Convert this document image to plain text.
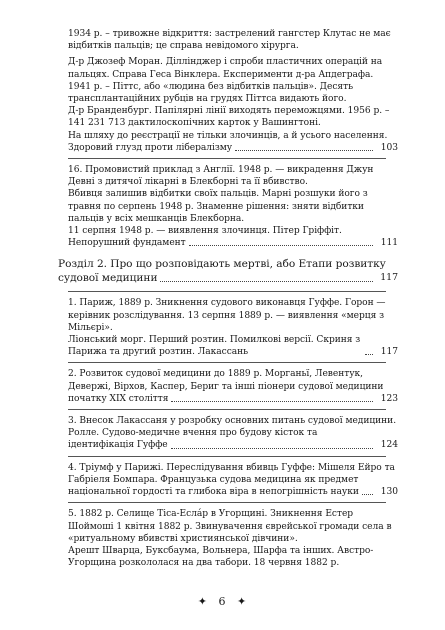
1934 р. – тривожне відкриття: застрелений гангстер Клутас не має відбитків пальців; це справа невідомого хірурга.

Д-р Джозеф Моран. Діллінджер і спроби пластичних операцій на пальцях. Справа Геса Вінклера. Експерименти д-ра Апдеграфа.

1941 р. – Піттс, або «людина без відбитків пальців». Десять трансплантаційних рубців на грудях Піттса видають його.

Д-р Бранденбург. Папілярні лінії виходять переможцями. 1956 р. – 141 231 713 дактилоскопічних карток у Вашингтоні.

На шляху до реєстрації не тільки злочинців, а й усього населення.

Здоровий глузд проти лібералізму	103

16. Промовистий приклад з Англії. 1948 р. — викрадення Джун Девні з дитячої лікарні в Блекборні та її вбивство.

Вбивця залишив відбитки своїх пальців. Марні розшуки його з травня по серпень 1948 р. Знаменне рішення: зняти відбитки пальців у всіх мешканців Блекборна.

11 серпня 1948 р. — виявлення злочинця. Пітер Гріффіт.

Непорушний фундамент	111

Розділ 2. Про що розповідають мертві, або Етапи розвитку

судової медицини	117

1. Париж, 1889 р. Зникнення судового виконавця Гуффе. Горон — керівник розслідування. 13 серпня 1889 р. — виявлення «мерця з Мільєрі».

Ліонський морг. Перший розтин. Помилкові версії. Скриня з Парижа та другий розтин. Лакассань	117

2. Розвиток судової медицини до 1889 р. Морганьї, Левентук, Девержі, Вірхов, Каспер, Бериг та інші піонери судової медицини

початку XIX століття	123

3. Внесок Лакассаня у розробку основних питань судової медицини. Ролле. Судово-медичне вчення про будову кісток та

ідентифікація Гуффе	124

4. Тріумф у Парижі. Переслідування вбивць Гуффе: Мішеля Ейро та Габріеля Бомпара. Французька судова медицина як предмет

національної гордості та глибока віра в непогрішність науки	130

5. 1882 р. Селище Тіса-Есла́р в Угорщині. Зникнення Естер Шоймоші 1 квітня 1882 р. Звинувачення єврейської громади села в «ритуальному вбивстві християнської дівчини».

Арешт Шварца, Буксбаума, Вольнера, Шарфа та інших. Австро-Угорщина розкололася на два табори. 18 червня 1882 р.

✦ 6 ✦
